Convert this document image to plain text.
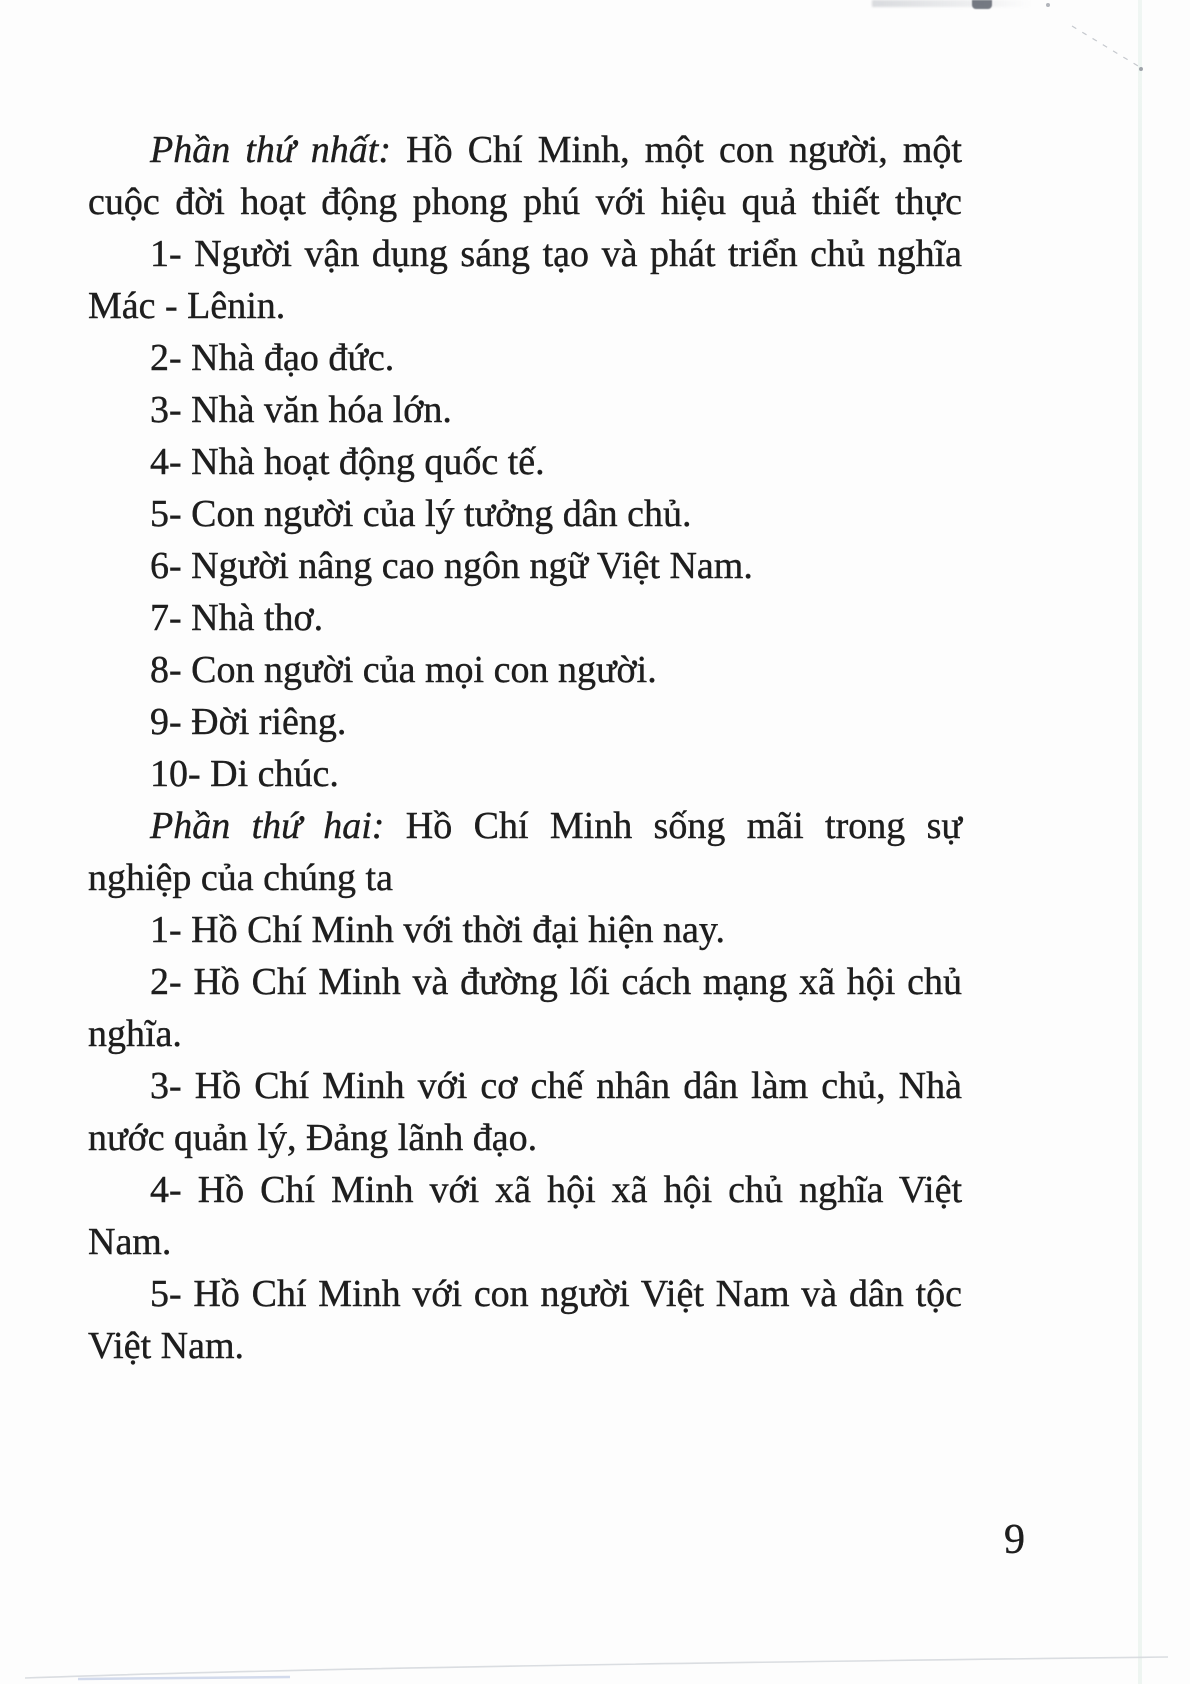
Phần thứ nhất: Hồ Chí Minh, một con người, một
cuộc đời hoạt động phong phú với hiệu quả thiết thực
1- Người vận dụng sáng tạo và phát triển chủ nghĩa
Mác - Lênin.
2- Nhà đạo đức.
3- Nhà văn hóa lớn.
4- Nhà hoạt động quốc tế.
5- Con người của lý tưởng dân chủ.
6- Người nâng cao ngôn ngữ Việt Nam.
7- Nhà thơ.
8- Con người của mọi con người.
9- Đời riêng.
10- Di chúc.
Phần thứ hai: Hồ Chí Minh sống mãi trong sự
nghiệp của chúng ta
1- Hồ Chí Minh với thời đại hiện nay.
2- Hồ Chí Minh và đường lối cách mạng xã hội chủ
nghĩa.
3- Hồ Chí Minh với cơ chế nhân dân làm chủ, Nhà
nước quản lý, Đảng lãnh đạo.
4- Hồ Chí Minh với xã hội xã hội chủ nghĩa Việt
Nam.
5- Hồ Chí Minh với con người Việt Nam và dân tộc
Việt Nam.
9
